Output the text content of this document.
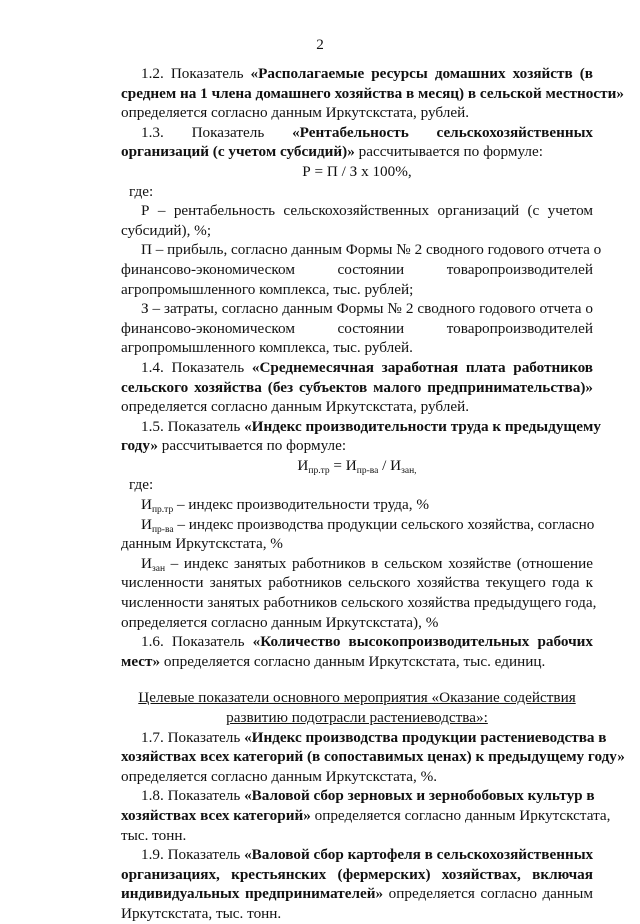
2
1.2. Показатель «Располагаемые ресурсы домашних хозяйств (в
среднем на 1 члена домашнего хозяйства в месяц) в сельской местности»
определяется согласно данным Иркутскстата, рублей.
1.3. Показатель «Рентабельность сельскохозяйственных
организаций (с учетом субсидий)» рассчитывается по формуле:
Р = П / З х 100%,
где:
Р – рентабельность сельскохозяйственных организаций (с учетом
субсидий), %;
П – прибыль, согласно данным Формы № 2 сводного годового отчета о
финансово-экономическом	состоянии	товаропроизводителей
агропромышленного комплекса, тыс. рублей;
З – затраты, согласно данным Формы № 2 сводного годового отчета о
финансово-экономическом	состоянии	товаропроизводителей
агропромышленного комплекса, тыс. рублей.
1.4. Показатель «Среднемесячная заработная плата работников
сельского хозяйства (без субъектов малого предпринимательства)»
определяется согласно данным Иркутскстата, рублей.
1.5. Показатель «Индекс производительности труда к предыдущему
году» рассчитывается по формуле:
$И_{пр.тр} = И_{пр-ва} / И_{зан,}$
где:
$И_{пр.тр}$ – индекс производительности труда, %
$И_{пр-ва}$ – индекс производства продукции сельского хозяйства, согласно
данным Иркутскстата, %
$И_{зан}$ – индекс занятых работников в сельском хозяйстве (отношение
численности занятых работников сельского хозяйства текущего года к
численности занятых работников сельского хозяйства предыдущего года,
определяется согласно данным Иркутскстата), %
1.6. Показатель «Количество высокопроизводительных рабочих
мест» определяется согласно данным Иркутскстата, тыс. единиц.
Целевые показатели основного мероприятия «Оказание содействия
развитию подотрасли растениеводства»:
1.7. Показатель «Индекс производства продукции растениеводства в
хозяйствах всех категорий (в сопоставимых ценах) к предыдущему году»
определяется согласно данным Иркутскстата, %.
1.8. Показатель «Валовой сбор зерновых и зернобобовых культур в
хозяйствах всех категорий» определяется согласно данным Иркутскстата,
тыс. тонн.
1.9. Показатель «Валовой сбор картофеля в сельскохозяйственных
организациях, крестьянских (фермерских) хозяйствах, включая
индивидуальных предпринимателей» определяется согласно данным
Иркутскстата, тыс. тонн.
